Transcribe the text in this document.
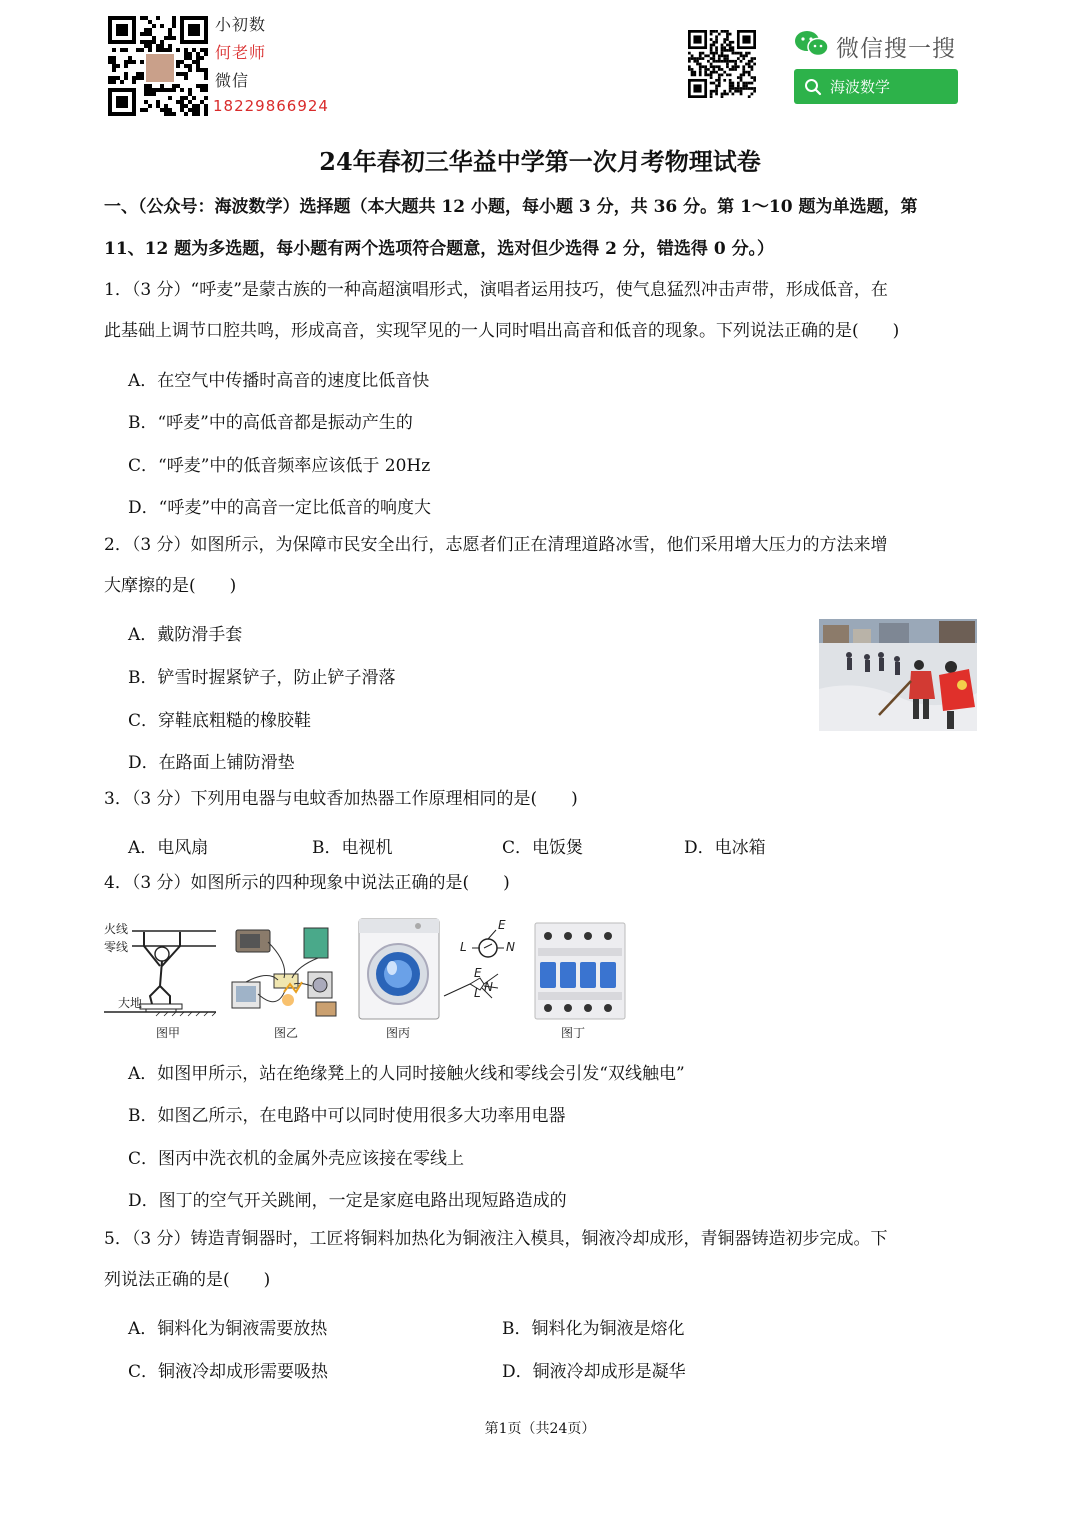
小初数
何老师
微信
18229866924
微信搜一搜
海波数学
24年春初三华益中学第一次月考物理试卷
一、（公众号：海波数学）选择题（本大题共 12 小题，每小题 3 分，共 36 分。第 1～10 题为单选题，第
11、12 题为多选题，每小题有两个选项符合题意，选对但少选得 2 分，错选得 0 分。）
1．（3 分）“呼麦”是蒙古族的一种高超演唱形式，演唱者运用技巧，使气息猛烈冲击声带，形成低音，在
此基础上调节口腔共鸣，形成高音，实现罕见的一人同时唱出高音和低音的现象。下列说法正确的是(　　)
A．在空气中传播时高音的速度比低音快
B．“呼麦”中的高低音都是振动产生的
C．“呼麦”中的低音频率应该低于 20Hz
D．“呼麦”中的高音一定比低音的响度大
2．（3 分）如图所示，为保障市民安全出行，志愿者们正在清理道路冰雪，他们采用增大压力的方法来增
大摩擦的是(　　)
A．戴防滑手套
B．铲雪时握紧铲子，防止铲子滑落
C．穿鞋底粗糙的橡胶鞋
D．在路面上铺防滑垫
3．（3 分）下列用电器与电蚊香加热器工作原理相同的是(　　)
A．电风扇	B．电视机	C．电饭煲	D．电冰箱
4．（3 分）如图所示的四种现象中说法正确的是(　　)
火线
零线
大地
图甲	图乙
E
L	N
E
N
L
图丙	图丁
A．如图甲所示，站在绝缘凳上的人同时接触火线和零线会引发“双线触电”
B．如图乙所示，在电路中可以同时使用很多大功率用电器
C．图丙中洗衣机的金属外壳应该接在零线上
D．图丁的空气开关跳闸，一定是家庭电路出现短路造成的
5．（3 分）铸造青铜器时，工匠将铜料加热化为铜液注入模具，铜液冷却成形，青铜器铸造初步完成。下
列说法正确的是(　　)
A．铜料化为铜液需要放热	B．铜料化为铜液是熔化
C．铜液冷却成形需要吸热	D．铜液冷却成形是凝华
第1页（共24页）
